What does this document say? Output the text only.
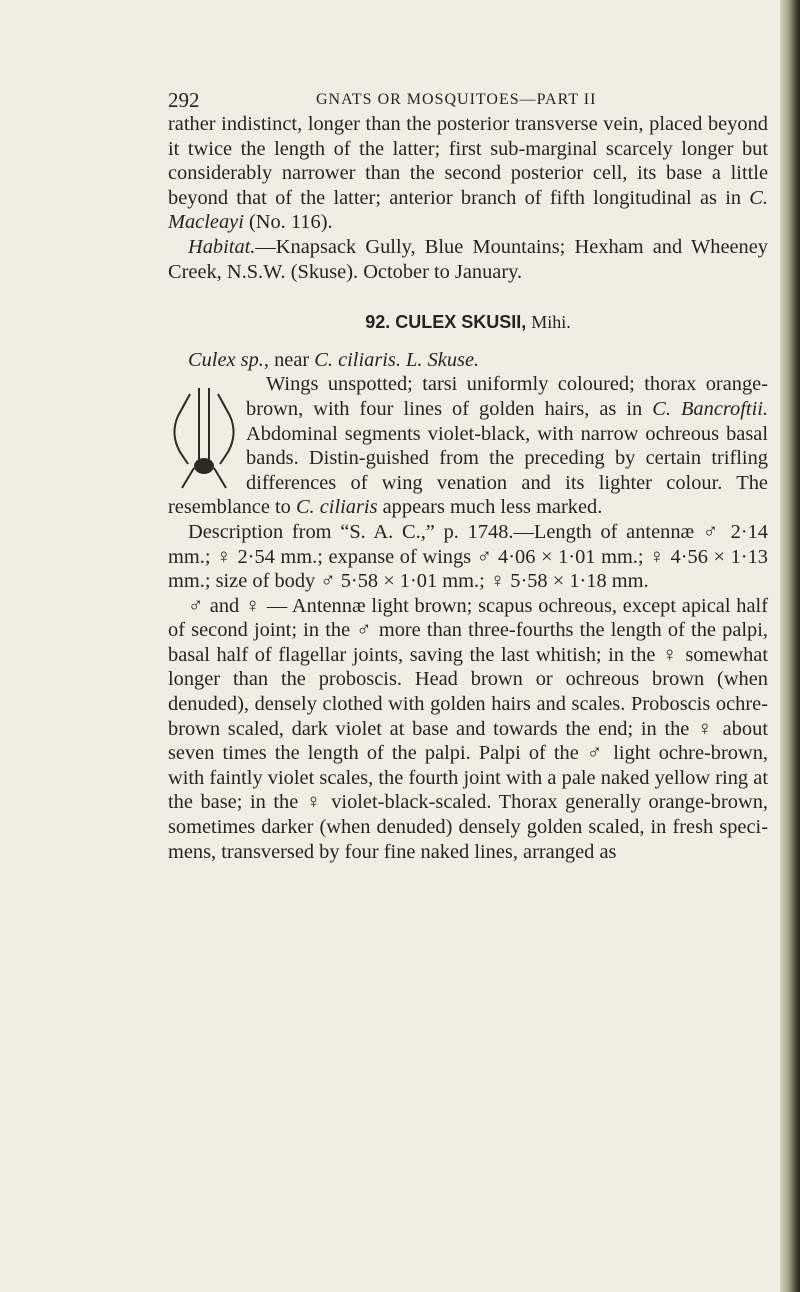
292	GNATS OR MOSQUITOES—PART II

rather indistinct, longer than the posterior transverse vein, placed beyond it twice the length of the latter; first sub-marginal scarcely longer but considerably narrower than the second posterior cell, its base a little beyond that of the latter; anterior branch of fifth longitudinal as in C. Macleayi (No. 116).

Habitat.—Knapsack Gully, Blue Mountains; Hexham and Wheeney Creek, N.S.W. (Skuse). October to January.

92. CULEX SKUSII, Mihi.

Culex sp., near C. ciliaris. L. Skuse.

Wings unspotted; tarsi uniformly coloured; thorax orange-brown, with four lines of golden hairs, as in C. Bancroftii. Abdominal segments violet-black, with narrow ochreous basal bands. Distin-guished from the preceding by certain trifling differences of wing venation and its lighter colour. The resemblance to C. ciliaris appears much less marked.

Description from “S. A. C.,” p. 1748.—Length of antennæ ♂ 2·14 mm.; ♀ 2·54 mm.; expanse of wings ♂ 4·06 × 1·01 mm.; ♀ 4·56 × 1·13 mm.; size of body ♂ 5·58 × 1·01 mm.; ♀ 5·58 × 1·18 mm.

♂ and ♀ — Antennæ light brown; scapus ochreous, except apical half of second joint; in the ♂ more than three-fourths the length of the palpi, basal half of flagellar joints, saving the last whitish; in the ♀ somewhat longer than the proboscis. Head brown or ochreous brown (when denuded), densely clothed with golden hairs and scales. Proboscis ochre-brown scaled, dark violet at base and towards the end; in the ♀ about seven times the length of the palpi. Palpi of the ♂ light ochre-brown, with faintly violet scales, the fourth joint with a pale naked yellow ring at the base; in the ♀ violet-black-scaled. Thorax generally orange-brown, sometimes darker (when denuded) densely golden scaled, in fresh speci-mens, transversed by four fine naked lines, arranged as
